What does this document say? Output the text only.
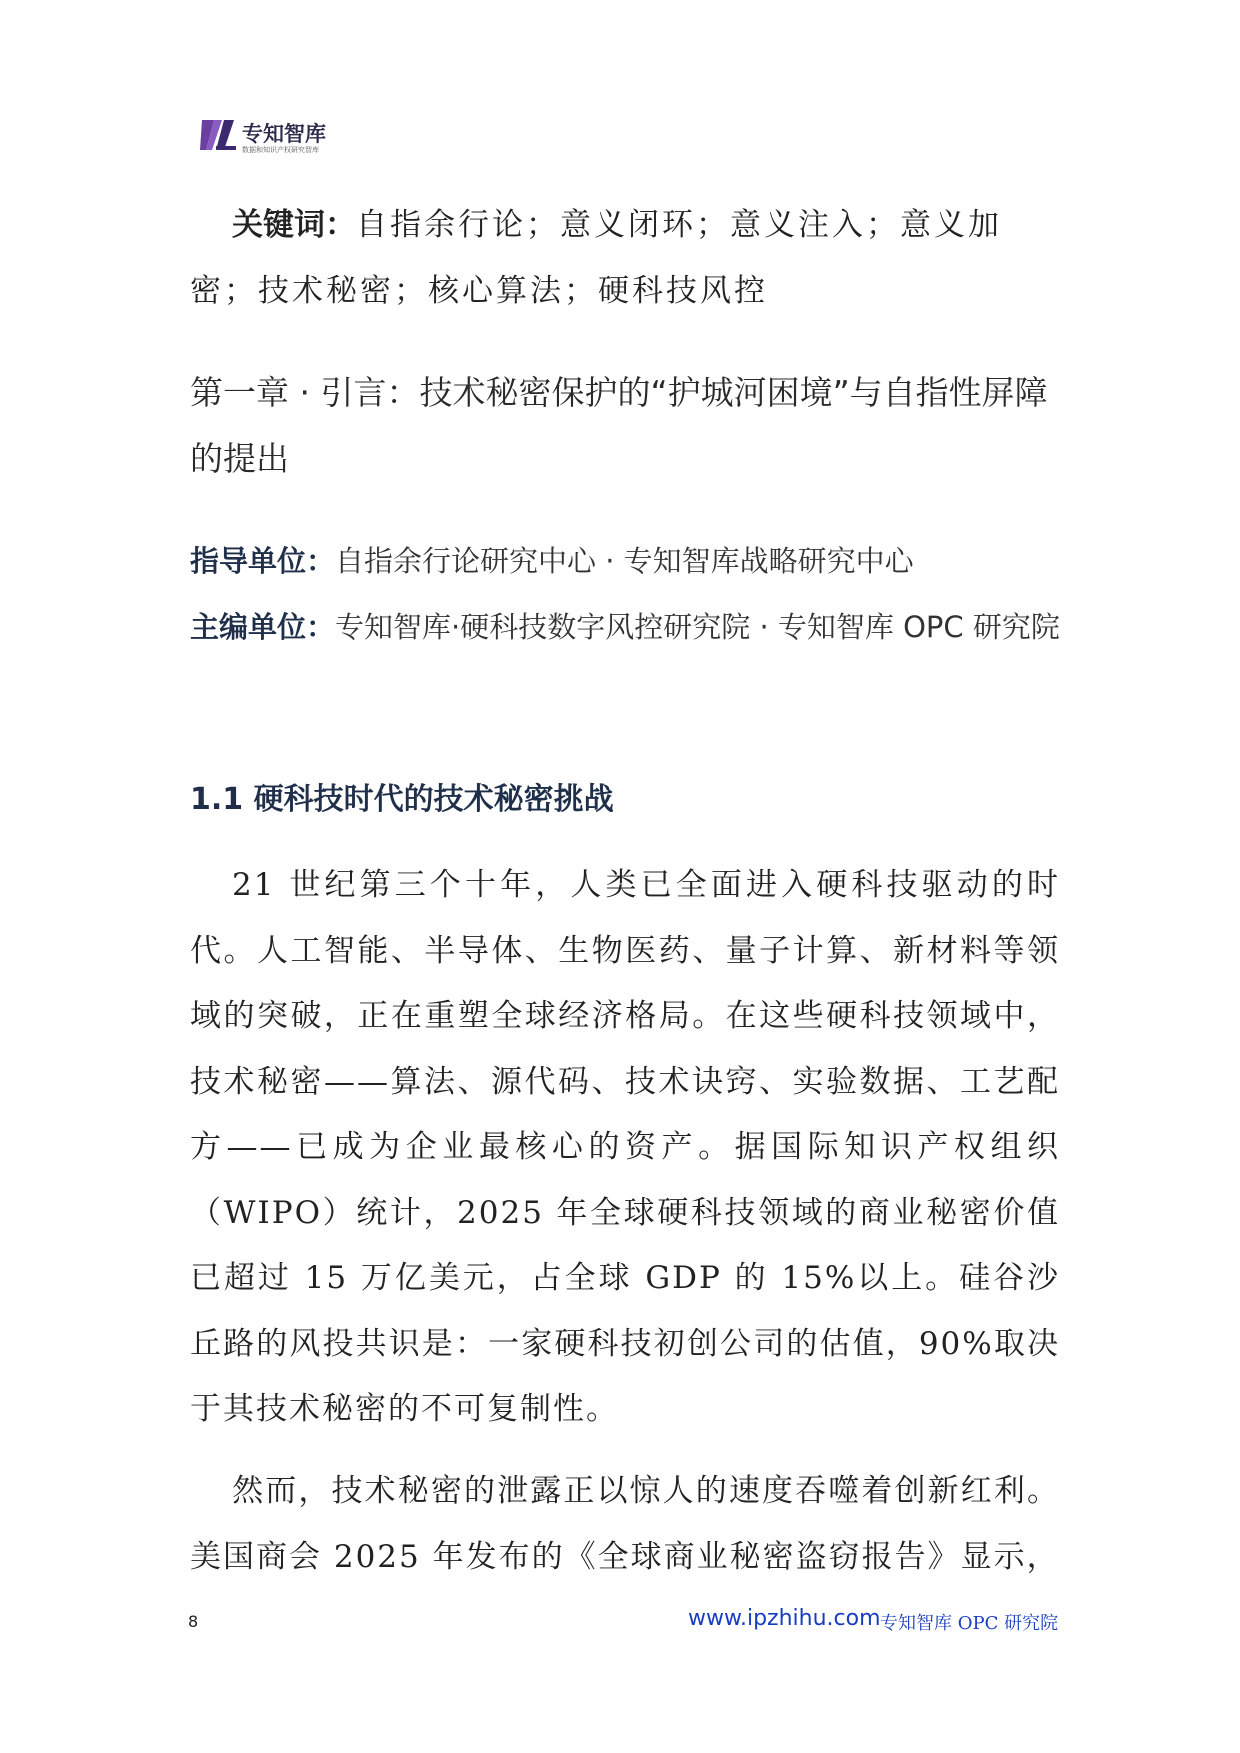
专知智库
数据和知识产权研究智库
关键词：自指余行论；意义闭环；意义注入；意义加密；技术秘密；核心算法；硬科技风控
第一章 · 引言：技术秘密保护的“护城河困境”与自指性屏障的提出
指导单位：自指余行论研究中心 · 专知智库战略研究中心
主编单位：专知智库·硬科技数字风控研究院 · 专知智库 OPC 研究院
1.1 硬科技时代的技术秘密挑战
21 世纪第三个十年，人类已全面进入硬科技驱动的时代。人工智能、半导体、生物医药、量子计算、新材料等领域的突破，正在重塑全球经济格局。在这些硬科技领域中，技术秘密——算法、源代码、技术诀窍、实验数据、工艺配方——已成为企业最核心的资产。据国际知识产权组织（WIPO）统计，2025 年全球硬科技领域的商业秘密价值已超过 15 万亿美元，占全球 GDP 的 15%以上。硅谷沙丘路的风投共识是：一家硬科技初创公司的估值，90%取决于其技术秘密的不可复制性。
然而，技术秘密的泄露正以惊人的速度吞噬着创新红利。美国商会 2025 年发布的《全球商业秘密盗窃报告》显示，
8	www.ipzhihu.com 专知智库 OPC 研究院
